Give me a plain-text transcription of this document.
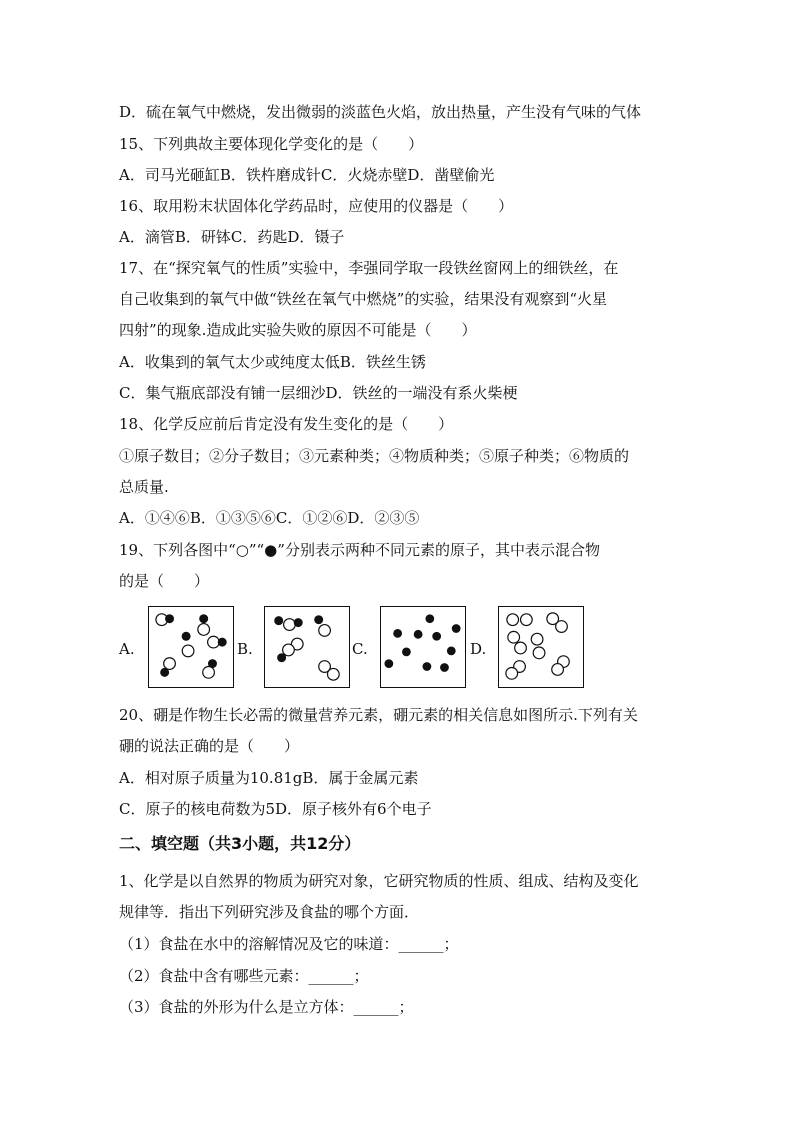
D．硫在氧气中燃烧，发出微弱的淡蓝色火焰，放出热量，产生没有气味的气体
15、下列典故主要体现化学变化的是（　　）
A．司马光砸缸B．铁杵磨成针C．火烧赤壁D．凿壁偷光
16、取用粉末状固体化学药品时，应使用的仪器是（　　）
A．滴管B．研钵C．药匙D．镊子
17、在“探究氧气的性质”实验中，李强同学取一段铁丝窗网上的细铁丝，在
自己收集到的氧气中做“铁丝在氧气中燃烧”的实验，结果没有观察到“火星
四射”的现象.造成此实验失败的原因不可能是（　　）
A．收集到的氧气太少或纯度太低B．铁丝生锈
C．集气瓶底部没有铺一层细沙D．铁丝的一端没有系火柴梗
18、化学反应前后肯定没有发生变化的是（　　）
①原子数目；②分子数目；③元素种类；④物质种类；⑤原子种类；⑥物质的
总质量.
A．①④⑥B．①③⑤⑥C．①②⑥D．②③⑤
19、下列各图中“○”“●”分别表示两种不同元素的原子，其中表示混合物
的是（　　）
A.	B.	C.	D.
20、硼是作物生长必需的微量营养元素，硼元素的相关信息如图所示.下列有关
硼的说法正确的是（　　）
A．相对原子质量为10.81gB．属于金属元素
C．原子的核电荷数为5D．原子核外有6个电子
二、填空题（共3小题，共12分）
1、化学是以自然界的物质为研究对象，它研究物质的性质、组成、结构及变化
规律等．指出下列研究涉及食盐的哪个方面．
（1）食盐在水中的溶解情况及它的味道：______；
（2）食盐中含有哪些元素：______；
（3）食盐的外形为什么是立方体：______；
